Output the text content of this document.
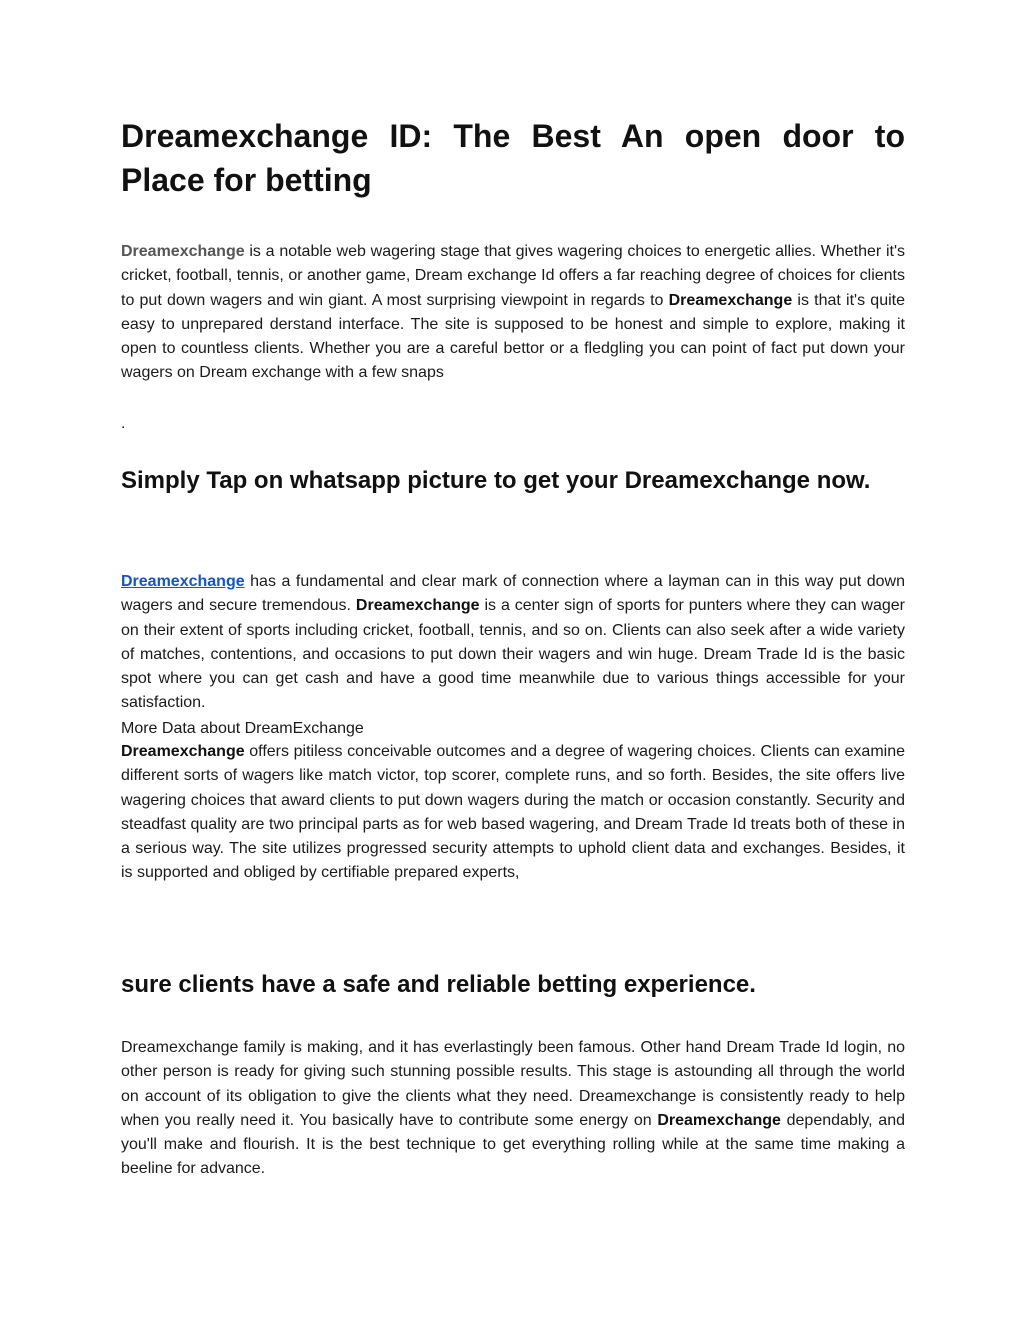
Dreamexchange ID: The Best An open door to Place for betting

Dreamexchange is a notable web wagering stage that gives wagering choices to energetic allies. Whether it's cricket, football, tennis, or another game, Dream exchange Id offers a far reaching degree of choices for clients to put down wagers and win giant. A most surprising viewpoint in regards to Dreamexchange is that it's quite easy to unprepared derstand interface. The site is supposed to be honest and simple to explore, making it open to countless clients. Whether you are a careful bettor or a fledgling you can point of fact put down your wagers on Dream exchange with a few snaps

.

Simply Tap on whatsapp picture to get your Dreamexchange now.

Dreamexchange has a fundamental and clear mark of connection where a layman can in this way put down wagers and secure tremendous. Dreamexchange is a center sign of sports for punters where they can wager on their extent of sports including cricket, football, tennis, and so on. Clients can also seek after a wide variety of matches, contentions, and occasions to put down their wagers and win huge. Dream Trade Id is the basic spot where you can get cash and have a good time meanwhile due to various things accessible for your satisfaction.

More Data about DreamExchange

Dreamexchange offers pitiless conceivable outcomes and a degree of wagering choices. Clients can examine different sorts of wagers like match victor, top scorer, complete runs, and so forth. Besides, the site offers live wagering choices that award clients to put down wagers during the match or occasion constantly. Security and steadfast quality are two principal parts as for web based wagering, and Dream Trade Id treats both of these in a serious way. The site utilizes progressed security attempts to uphold client data and exchanges. Besides, it is supported and obliged by certifiable prepared experts,

sure clients have a safe and reliable betting experience.

Dreamexchange family is making, and it has everlastingly been famous. Other hand Dream Trade Id login, no other person is ready for giving such stunning possible results. This stage is astounding all through the world on account of its obligation to give the clients what they need. Dreamexchange is consistently ready to help when you really need it. You basically have to contribute some energy on Dreamexchange dependably, and you'll make and flourish. It is the best technique to get everything rolling while at the same time making a beeline for advance.
